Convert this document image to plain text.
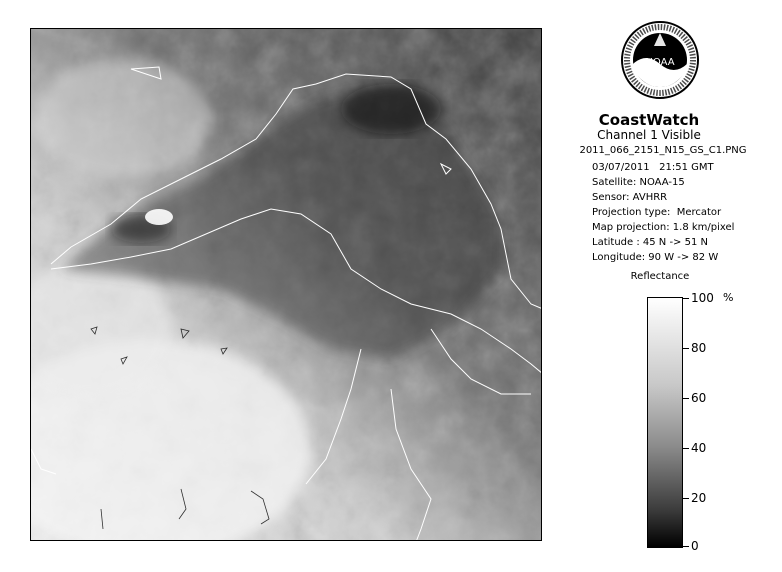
NOAA
CoastWatch
Channel 1 Visible
2011_066_2151_N15_GS_C1.PNG
03/07/2011   21:51 GMT
Satellite: NOAA-15
Sensor: AVHRR
Projection type:  Mercator
Map projection: 1.8 km/pixel
Latitude : 45 N -> 51 N
Longitude: 90 W -> 82 W
Reflectance
%
100
80
60
40
20
0
